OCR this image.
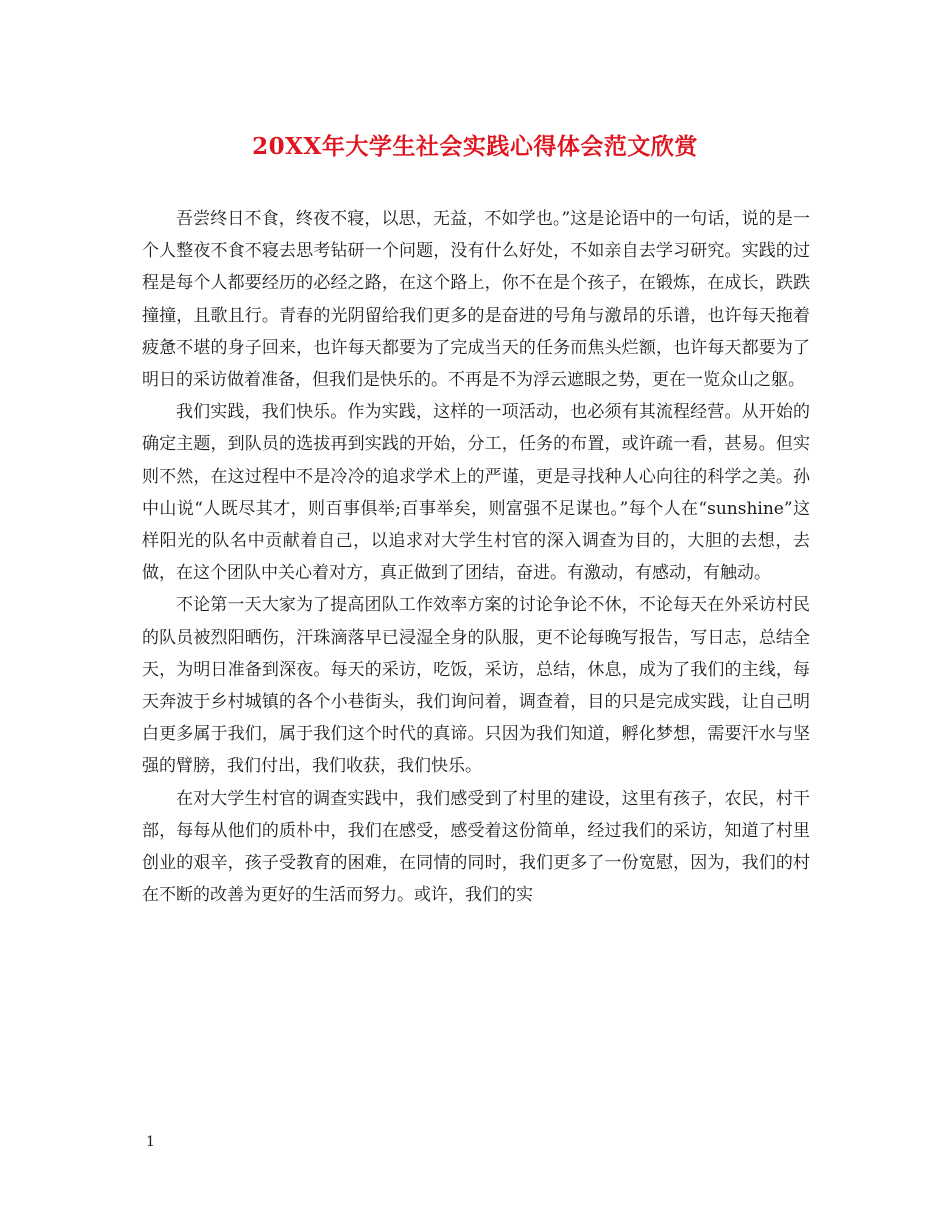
20XX年大学生社会实践心得体会范文欣赏

吾尝终日不食，终夜不寝，以思，无益，不如学也。”这是论语中的一句话，说的是一个人整夜不食不寝去思考钻研一个问题，没有什么好处，不如亲自去学习研究。实践的过程是每个人都要经历的必经之路，在这个路上，你不在是个孩子，在锻炼，在成长，跌跌撞撞，且歌且行。青春的光阴留给我们更多的是奋进的号角与激昂的乐谱，也许每天拖着疲惫不堪的身子回来，也许每天都要为了完成当天的任务而焦头烂额，也许每天都要为了明日的采访做着准备，但我们是快乐的。不再是不为浮云遮眼之势，更在一览众山之躯。

我们实践，我们快乐。作为实践，这样的一项活动，也必须有其流程经营。从开始的确定主题，到队员的选拔再到实践的开始，分工，任务的布置，或许疏一看，甚易。但实则不然，在这过程中不是冷冷的追求学术上的严谨，更是寻找种人心向往的科学之美。孙中山说“人既尽其才，则百事俱举;百事举矣，则富强不足谋也。”每个人在“sunshine”这样阳光的队名中贡献着自己，以追求对大学生村官的深入调查为目的，大胆的去想，去做，在这个团队中关心着对方，真正做到了团结，奋进。有激动，有感动，有触动。

不论第一天大家为了提高团队工作效率方案的讨论争论不休，不论每天在外采访村民的队员被烈阳晒伤，汗珠滴落早已浸湿全身的队服，更不论每晚写报告，写日志，总结全天，为明日准备到深夜。每天的采访，吃饭，采访，总结，休息，成为了我们的主线，每天奔波于乡村城镇的各个小巷街头，我们询问着，调查着，目的只是完成实践，让自己明白更多属于我们，属于我们这个时代的真谛。只因为我们知道，孵化梦想，需要汗水与坚强的臂膀，我们付出，我们收获，我们快乐。

在对大学生村官的调查实践中，我们感受到了村里的建设，这里有孩子，农民，村干部，每每从他们的质朴中，我们在感受，感受着这份简单，经过我们的采访，知道了村里创业的艰辛，孩子受教育的困难，在同情的同时，我们更多了一份宽慰，因为，我们的村在不断的改善为更好的生活而努力。或许，我们的实

1
